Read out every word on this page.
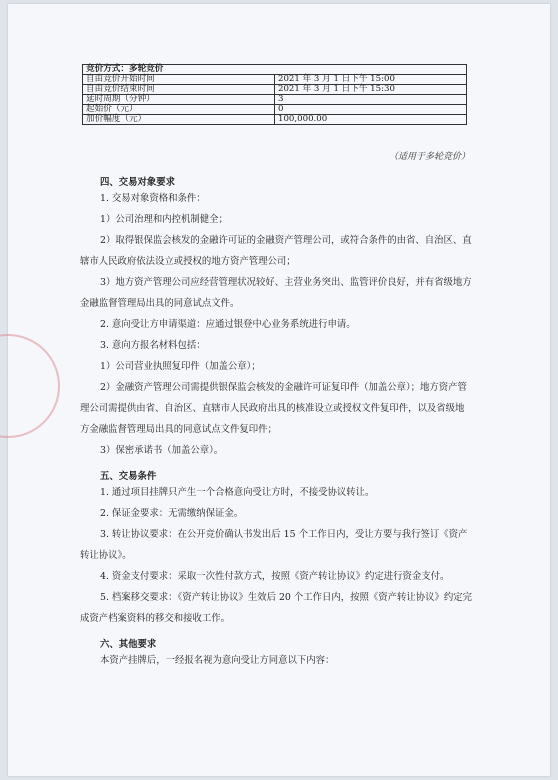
竞价方式：多轮竞价	
自由竞价开始时间	2021 年 3 月 1 日下午 15:00
自由竞价结束时间	2021 年 3 月 1 日下午 15:30
延时周期（分钟）	3
起始价（元）	0
加价幅度（元）	100,000.00
（适用于多轮竞价）

四、交易对象要求

1. 交易对象资格和条件：

1）公司治理和内控机制健全；

2）取得银保监会核发的金融许可证的金融资产管理公司，或符合条件的由省、自治区、直辖市人民政府依法设立或授权的地方资产管理公司；

3）地方资产管理公司应经营管理状况较好、主营业务突出、监管评价良好，并有省级地方金融监督管理局出具的同意试点文件。

2. 意向受让方申请渠道：应通过银登中心业务系统进行申请。

3. 意向方报名材料包括：

1）公司营业执照复印件（加盖公章）；

2）金融资产管理公司需提供银保监会核发的金融许可证复印件（加盖公章）；地方资产管理公司需提供由省、自治区、直辖市人民政府出具的核准设立或授权文件复印件，以及省级地方金融监督管理局出具的同意试点文件复印件；

3）保密承诺书（加盖公章）。

五、交易条件

1. 通过项目挂牌只产生一个合格意向受让方时，不接受协议转让。

2. 保证金要求：无需缴纳保证金。

3. 转让协议要求：在公开竞价确认书发出后 15 个工作日内，受让方要与我行签订《资产转让协议》。

4. 资金支付要求：采取一次性付款方式，按照《资产转让协议》约定进行资金支付。

5. 档案移交要求：《资产转让协议》生效后 20 个工作日内，按照《资产转让协议》约定完成资产档案资料的移交和接收工作。

六、其他要求

本资产挂牌后，一经报名视为意向受让方同意以下内容：
